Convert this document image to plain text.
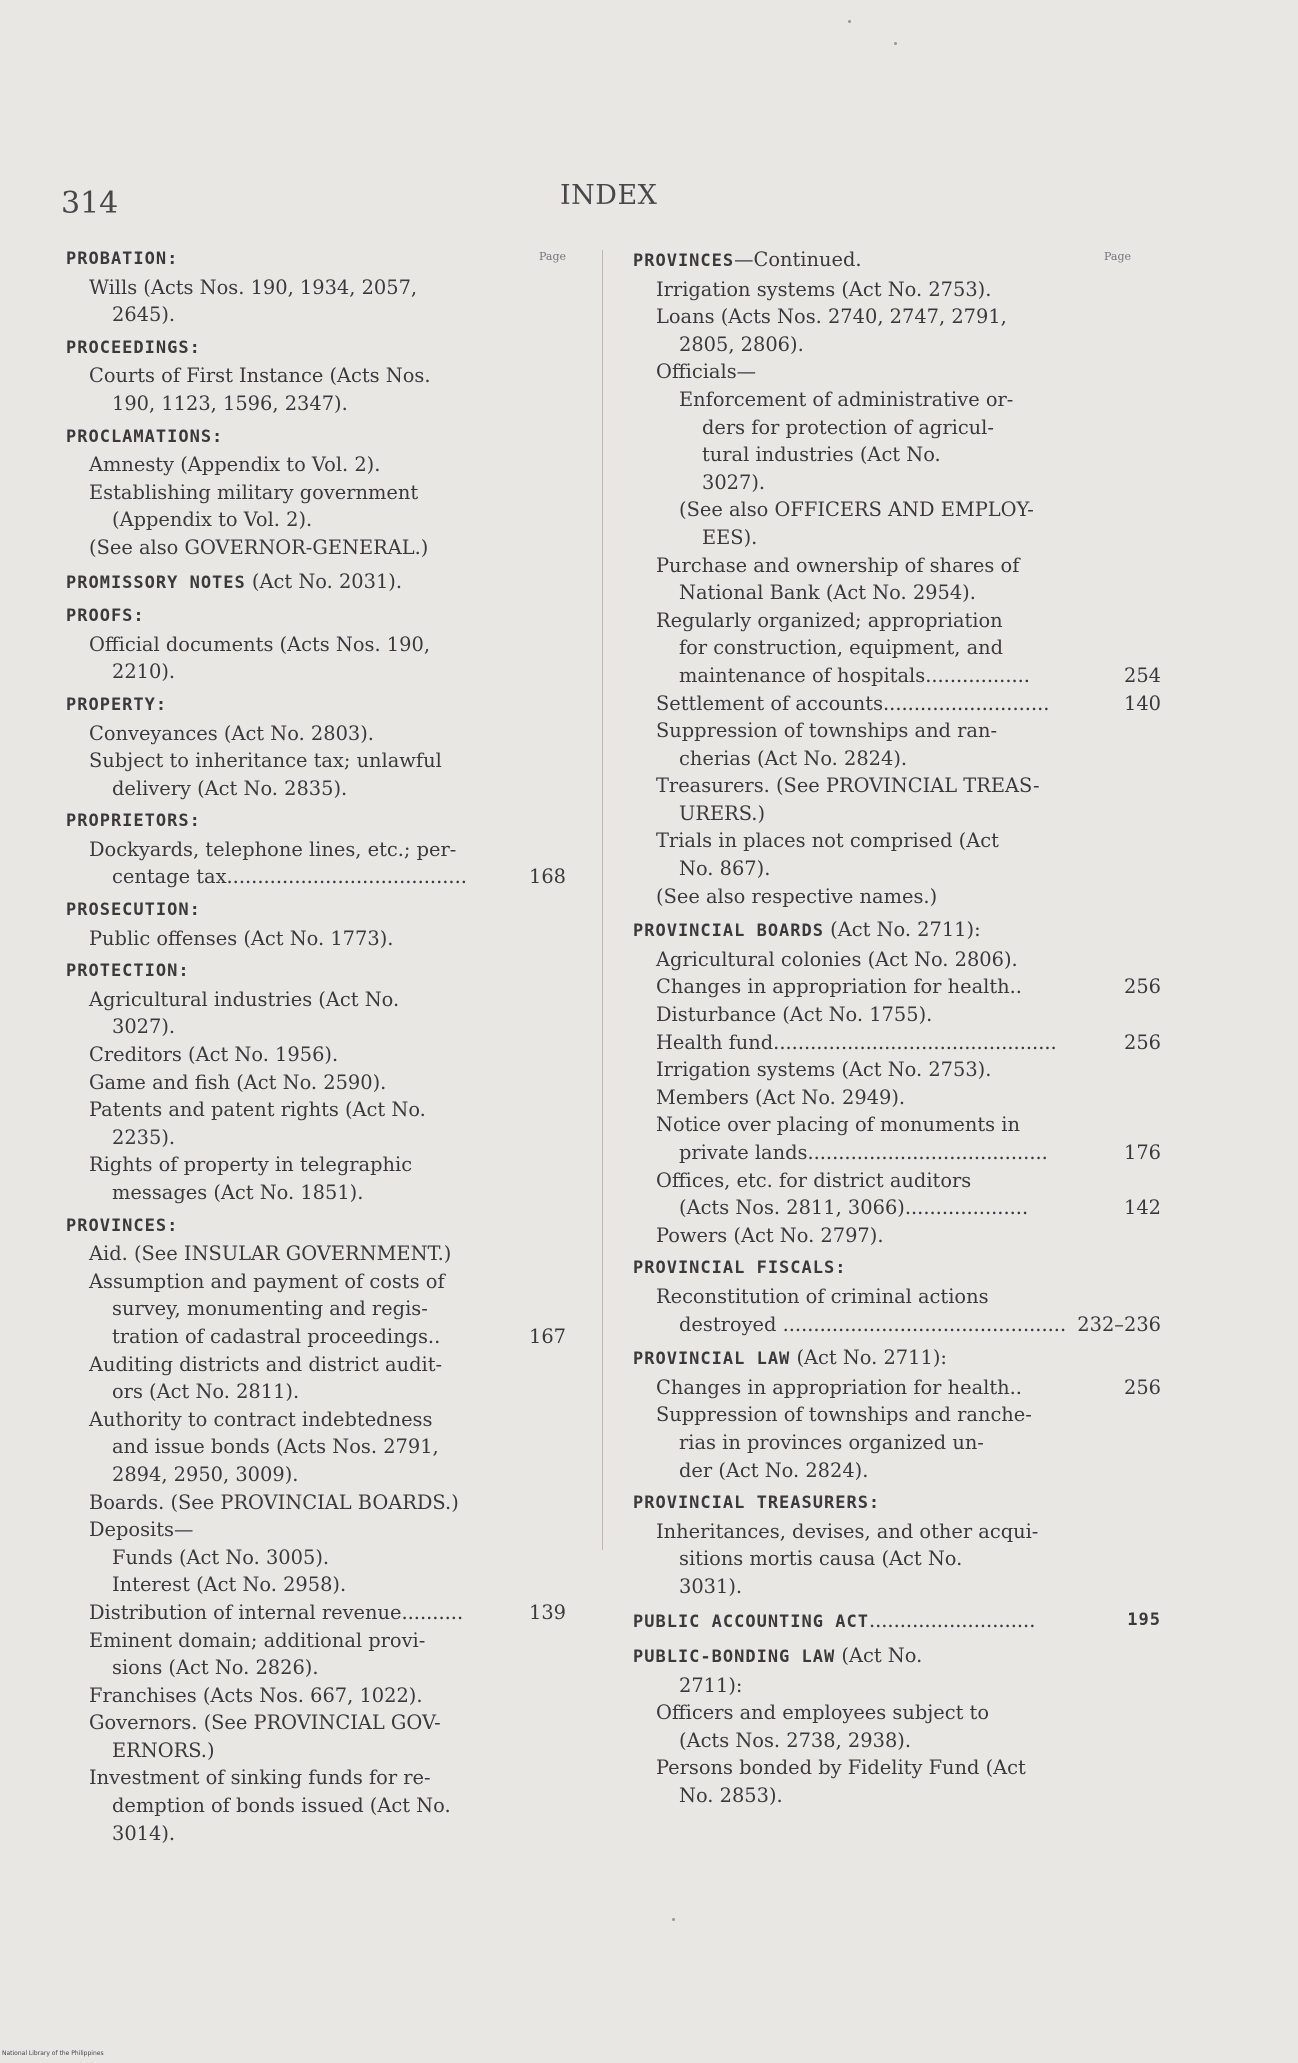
314	INDEX
Page	Page
PROBATION:
Wills (Acts Nos. 190, 1934, 2057,
2645).
PROCEEDINGS:
Courts of First Instance (Acts Nos.
190, 1123, 1596, 2347).
PROCLAMATIONS:
Amnesty (Appendix to Vol. 2).
Establishing military government
(Appendix to Vol. 2).
(See also GOVERNOR-GENERAL.)
PROMISSORY NOTES (Act No. 2031).
PROOFS:
Official documents (Acts Nos. 190,
2210).
PROPERTY:
Conveyances (Act No. 2803).
Subject to inheritance tax; unlawful
delivery (Act No. 2835).
PROPRIETORS:
Dockyards, telephone lines, etc.; per-
centage tax.......................................	168
PROSECUTION:
Public offenses (Act No. 1773).
PROTECTION:
Agricultural industries (Act No.
3027).
Creditors (Act No. 1956).
Game and fish (Act No. 2590).
Patents and patent rights (Act No.
2235).
Rights of property in telegraphic
messages (Act No. 1851).
PROVINCES:
Aid. (See INSULAR GOVERNMENT.)
Assumption and payment of costs of
survey, monumenting and regis-
tration of cadastral proceedings..	167
Auditing districts and district audit-
ors (Act No. 2811).
Authority to contract indebtedness
and issue bonds (Acts Nos. 2791,
2894, 2950, 3009).
Boards. (See PROVINCIAL BOARDS.)
Deposits—
Funds (Act No. 3005).
Interest (Act No. 2958).
Distribution of internal revenue..........	139
Eminent domain; additional provi-
sions (Act No. 2826).
Franchises (Acts Nos. 667, 1022).
Governors. (See PROVINCIAL GOV-
ERNORS.)
Investment of sinking funds for re-
demption of bonds issued (Act No.
3014).
PROVINCES—Continued.
Irrigation systems (Act No. 2753).
Loans (Acts Nos. 2740, 2747, 2791,
2805, 2806).
Officials—
Enforcement of administrative or-
ders for protection of agricul-
tural industries (Act No.
3027).
(See also OFFICERS AND EMPLOY-
EES).
Purchase and ownership of shares of
National Bank (Act No. 2954).
Regularly organized; appropriation
for construction, equipment, and
maintenance of hospitals.................	254
Settlement of accounts...........................	140
Suppression of townships and ran-
cherias (Act No. 2824).
Treasurers. (See PROVINCIAL TREAS-
URERS.)
Trials in places not comprised (Act
No. 867).
(See also respective names.)
PROVINCIAL BOARDS (Act No. 2711):
Agricultural colonies (Act No. 2806).
Changes in appropriation for health..	256
Disturbance (Act No. 1755).
Health fund..............................................	256
Irrigation systems (Act No. 2753).
Members (Act No. 2949).
Notice over placing of monuments in
private lands.......................................	176
Offices, etc. for district auditors
(Acts Nos. 2811, 3066)....................	142
Powers (Act No. 2797).
PROVINCIAL FISCALS:
Reconstitution of criminal actions
destroyed .............................................. 232–236
PROVINCIAL LAW (Act No. 2711):
Changes in appropriation for health..	256
Suppression of townships and ranche-
rias in provinces organized un-
der (Act No. 2824).
PROVINCIAL TREASURERS:
Inheritances, devises, and other acqui-
sitions mortis causa (Act No.
3031).
PUBLIC ACCOUNTING ACT...........................	195
PUBLIC-BONDING LAW (Act No.
2711):
Officers and employees subject to
(Acts Nos. 2738, 2938).
Persons bonded by Fidelity Fund (Act
No. 2853).
National Library of the Philippines
